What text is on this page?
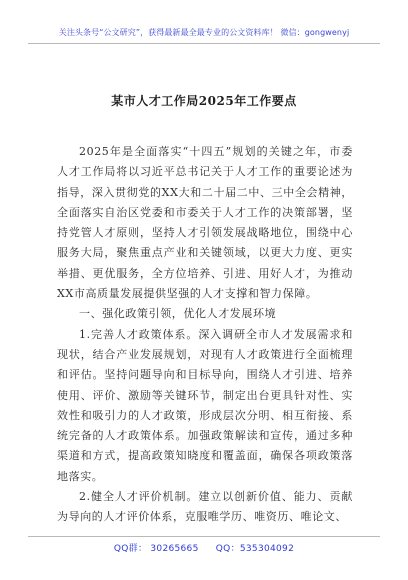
关注头条号“公文研究”，获得最新最全最专业的公文资料库！ 微信：gongwenyj
某市人才工作局2025年工作要点

2025年是全面落实“十四五”规划的关键之年，市委人才工作局将以习近平总书记关于人才工作的重要论述为指导，深入贯彻党的XX大和二十届二中、三中全会精神，全面落实自治区党委和市委关于人才工作的决策部署，坚持党管人才原则，坚持人才引领发展战略地位，围绕中心服务大局，聚焦重点产业和关键领域，以更大力度、更实举措、更优服务，全方位培养、引进、用好人才，为推动XX市高质量发展提供坚强的人才支撑和智力保障。

一、强化政策引领，优化人才发展环境

1.完善人才政策体系。深入调研全市人才发展需求和现状，结合产业发展规划，对现有人才政策进行全面梳理和评估。坚持问题导向和目标导向，围绕人才引进、培养使用、评价、激励等关键环节，制定出台更具针对性、实效性和吸引力的人才政策，形成层次分明、相互衔接、系统完备的人才政策体系。加强政策解读和宣传，通过多种渠道和方式，提高政策知晓度和覆盖面，确保各项政策落地落实。

2.健全人才评价机制。建立以创新价值、能力、贡献为导向的人才评价体系，克服唯学历、唯资历、唯论文、

QQ群： 30265665 QQ：535304092
